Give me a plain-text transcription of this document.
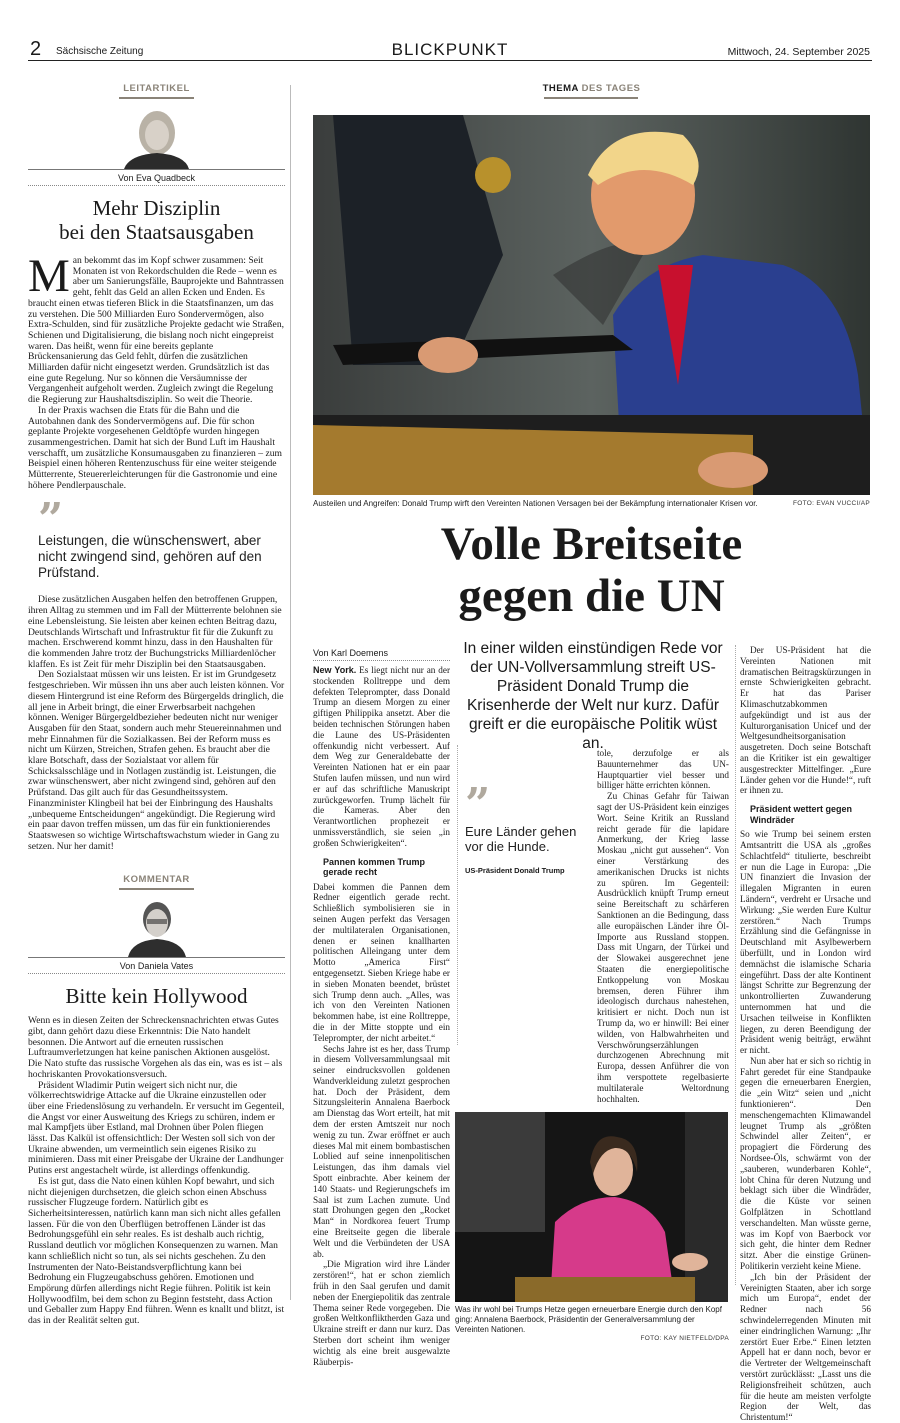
2 Sächsische Zeitung	BLICKPUNKT	Mittwoch, 24. September 2025
LEITARTIKEL
Von Eva Quadbeck
Mehr Disziplin
bei den Staatsausgaben

Man bekommt das im Kopf schwer zusammen: Seit Monaten ist von Rekordschulden die Rede – wenn es aber um Sanierungsfälle, Bauprojekte und Bahntrassen geht, fehlt das Geld an allen Ecken und Enden. Es braucht einen etwas tieferen Blick in die Staatsfinanzen, um das zu verstehen. Die 500 Milliarden Euro Sondervermögen, also Extra-Schulden, sind für zusätzliche Projekte gedacht wie Straßen, Schienen und Digitalisierung, die bislang noch nicht eingepreist waren. Das heißt, wenn für eine bereits geplante Brückensanierung das Geld fehlt, dürfen die zusätzlichen Milliarden dafür nicht eingesetzt werden. Grundsätzlich ist das eine gute Regelung. Nur so können die Versäumnisse der Vergangenheit aufgeholt werden. Zugleich zwingt die Regelung die Regierung zur Haushaltsdisziplin. So weit die Theorie.

In der Praxis wachsen die Etats für die Bahn und die Autobahnen dank des Sondervermögens auf. Die für schon geplante Projekte vorgesehenen Geldtöpfe wurden hingegen zusammengestrichen. Damit hat sich der Bund Luft im Haushalt verschafft, um zusätzliche Konsumausgaben zu finanzieren – zum Beispiel einen höheren Rentenzuschuss für eine weiter steigende Mütterrente, Steuererleichterungen für die Gastronomie und eine höhere Pendlerpauschale.

”
Leistungen, die wünschenswert, aber nicht zwingend sind, gehören auf den Prüfstand.

Diese zusätzlichen Ausgaben helfen den betroffenen Gruppen, ihren Alltag zu stemmen und im Fall der Mütterrente belohnen sie eine Lebensleistung. Sie leisten aber keinen echten Beitrag dazu, Deutschlands Wirtschaft und Infrastruktur fit für die Zukunft zu machen. Erschwerend kommt hinzu, dass in den Haushalten für die kommenden Jahre trotz der Buchungstricks Milliardenlöcher klaffen. Es ist Zeit für mehr Disziplin bei den Staatsausgaben.

Den Sozialstaat müssen wir uns leisten. Er ist im Grundgesetz festgeschrieben. Wir müssen ihn uns aber auch leisten können. Vor diesem Hintergrund ist eine Reform des Bürgergelds dringlich, die all jene in Arbeit bringt, die einer Erwerbsarbeit nachgehen können. Weniger Bürgergeldbezieher bedeuten nicht nur weniger Ausgaben für den Staat, sondern auch mehr Steuereinnahmen und mehr Einnahmen für die Sozialkassen. Bei der Reform muss es nicht um Kürzen, Streichen, Strafen gehen. Es braucht aber die klare Botschaft, dass der Sozialstaat vor allem für Schicksalsschläge und in Notlagen zuständig ist. Leistungen, die zwar wünschenswert, aber nicht zwingend sind, gehören auf den Prüfstand. Das gilt auch für das Gesundheitssystem. Finanzminister Klingbeil hat bei der Einbringung des Haushalts „unbequeme Entscheidungen“ angekündigt. Die Regierung wird ein paar davon treffen müssen, um das für ein funktionierendes Staatswesen so wichtige Wirtschaftswachstum wieder in Gang zu setzen. Nur her damit!

KOMMENTAR
Von Daniela Vates
Bitte kein Hollywood

Wenn es in diesen Zeiten der Schreckensnachrichten etwas Gutes gibt, dann gehört dazu diese Erkenntnis: Die Nato handelt besonnen. Die Antwort auf die erneuten russischen Luftraumverletzungen hat keine panischen Aktionen ausgelöst. Die Nato stufte das russische Vorgehen als das ein, was es ist – als hochriskanten Provokationsversuch.

Präsident Wladimir Putin weigert sich nicht nur, die völkerrechtswidrige Attacke auf die Ukraine einzustellen oder über eine Friedenslösung zu verhandeln. Er versucht im Gegenteil, die Angst vor einer Ausweitung des Kriegs zu schüren, indem er mal Kampfjets über Estland, mal Drohnen über Polen fliegen lässt. Das Kalkül ist offensichtlich: Der Westen soll sich von der Ukraine abwenden, um vermeintlich sein eigenes Risiko zu minimieren. Dass mit einer Preisgabe der Ukraine der Landhunger Putins erst angestachelt würde, ist allerdings offenkundig.

Es ist gut, dass die Nato einen kühlen Kopf bewahrt, und sich nicht diejenigen durchsetzen, die gleich schon einen Abschuss russischer Flugzeuge fordern. Natürlich gibt es Sicherheitsinteressen, natürlich kann man sich nicht alles gefallen lassen. Für die von den Überflügen betroffenen Länder ist das Bedrohungsgefühl ein sehr reales. Es ist deshalb auch richtig, Russland deutlich vor möglichen Konsequenzen zu warnen. Man kann schließlich nicht so tun, als sei nichts geschehen. Zu den Instrumenten der Nato-Beistandsverpflichtung kann bei Bedrohung ein Flugzeugabschuss gehören. Emotionen und Empörung dürfen allerdings nicht Regie führen. Politik ist kein Hollywoodfilm, bei dem schon zu Beginn feststeht, dass Action und Geballer zum Happy End führen. Wenn es knallt und blitzt, ist das in der Realität selten gut.

THEMA DES TAGES
Austeilen und Angreifen: Donald Trump wirft den Vereinten Nationen Versagen bei der Bekämpfung internationaler Krisen vor.	FOTO: EVAN VUCCI/AP
Volle Breitseite
gegen die UN
In einer wilden einstündigen Rede vor der UN-Vollversammlung streift US-Präsident Donald Trump die Krisenherde der Welt nur kurz. Dafür greift er die europäische Politik wüst an.
Von Karl Doemens

New York. Es liegt nicht nur an der stockenden Rolltreppe und dem defekten Teleprompter, dass Donald Trump an diesem Morgen zu einer giftigen Philippika ansetzt. Aber die beiden technischen Störungen haben die Laune des US-Präsidenten offenkundig nicht verbessert. Auf dem Weg zur Generaldebatte der Vereinten Nationen hat er ein paar Stufen laufen müssen, und nun wird er auf das schriftliche Manuskript zurückgeworfen. Trump lächelt für die Kameras. Aber den Verantwortlichen prophezeit er unmissverständlich, sie seien „in großen Schwierigkeiten“.

Pannen kommen Trump gerade recht

Dabei kommen die Pannen dem Redner eigentlich gerade recht. Schließlich symbolisieren sie in seinen Augen perfekt das Versagen der multilateralen Organisationen, denen er seinen knallharten politischen Alleingang unter dem Motto „America First“ entgegensetzt. Sieben Kriege habe er in sieben Monaten beendet, brüstet sich Trump denn auch. „Alles, was ich von den Vereinten Nationen bekommen habe, ist eine Rolltreppe, die in der Mitte stoppte und ein Teleprompter, der nicht arbeitet.“

Sechs Jahre ist es her, dass Trump in diesem Vollversammlungsaal mit seiner eindrucksvollen goldenen Wandverkleidung zuletzt gesprochen hat. Doch der Präsident, dem Sitzungsleiterin Annalena Baerbock am Dienstag das Wort erteilt, hat mit dem der ersten Amtszeit nur noch wenig zu tun. Zwar eröffnet er auch dieses Mal mit einem bombastischen Loblied auf seine innenpolitischen Leistungen, das ihm damals viel Spott einbrachte. Aber keinem der 140 Staats- und Regierungschefs im Saal ist zum Lachen zumute. Und statt Drohungen gegen den „Rocket Man“ in Nordkorea feuert Trump eine Breitseite gegen die liberale Welt und die Verbündeten der USA ab.

„Die Migration wird ihre Länder zerstören!“, hat er schon ziemlich früh in den Saal gerufen und damit neben der Energiepolitik das zentrale Thema seiner Rede vorgegeben. Die großen Weltkonfliktherden Gaza und Ukraine streift er dann nur kurz. Das Sterben dort scheint ihm weniger wichtig als eine breit ausgewalzte Räuberpis-

”
Eure Länder gehen vor die Hunde.
US-Präsident Donald Trump

tole, derzufolge er als Bauunternehmer das UN-Hauptquartier viel besser und billiger hätte errichten können.

Zu Chinas Gefahr für Taiwan sagt der US-Präsident kein einziges Wort. Seine Kritik an Russland reicht gerade für die lapidare Anmerkung, der Krieg lasse Moskau „nicht gut aussehen“. Von einer Verstärkung des amerikanischen Drucks ist nichts zu spüren. Im Gegenteil: Ausdrücklich knüpft Trump erneut seine Bereitschaft zu schärferen Sanktionen an die Bedingung, dass alle europäischen Länder ihre Öl-Importe aus Russland stoppen. Dass mit Ungarn, der Türkei und der Slowakei ausgerechnet jene Staaten die energiepolitische Entkoppelung von Moskau bremsen, deren Führer ihm ideologisch durchaus nahestehen, kritisiert er nicht. Doch nun ist Trump da, wo er hinwill: Bei einer wilden, von Halbwahrheiten und Verschwörungserzählungen durchzogenen Abrechnung mit Europa, dessen Anführer die von ihm verspottete regelbasierte multilaterale Weltordnung hochhalten.

Was ihr wohl bei Trumps Hetze gegen erneuerbare Energie durch den Kopf ging: Annalena Baerbock, Präsidentin der Generalversammlung der Vereinten Nationen.
FOTO: KAY NIETFELD/DPA

Der US-Präsident hat die Vereinten Nationen mit dramatischen Beitragskürzungen in ernste Schwierigkeiten gebracht. Er hat das Pariser Klimaschutzabkommen aufgekündigt und ist aus der Kulturorganisation Unicef und der Weltgesundheitsorganisation ausgetreten. Doch seine Botschaft an die Kritiker ist ein gewaltiger ausgestreckter Mittelfinger. „Eure Länder gehen vor die Hunde!“, ruft er ihnen zu.

Präsident wettert gegen Windräder

So wie Trump bei seinem ersten Amtsantritt die USA als „großes Schlachtfeld“ titulierte, beschreibt er nun die Lage in Europa: „Die UN finanziert die Invasion der illegalen Migranten in euren Ländern“, verdreht er Ursache und Wirkung: „Sie werden Eure Kultur zerstören.“ Nach Trumps Erzählung sind die Gefängnisse in Deutschland mit Asylbewerbern überfüllt, und in London wird demnächst die islamische Scharia eingeführt. Dass der alte Kontinent längst Schritte zur Begrenzung der unkontrollierten Zuwanderung unternommen hat und die Ursachen teilweise in Konflikten liegen, zu deren Beendigung der Präsident wenig beiträgt, erwähnt er nicht.

Nun aber hat er sich so richtig in Fahrt geredet für eine Standpauke gegen die erneuerbaren Energien, die „ein Witz“ seien und „nicht funktionieren“. Den menschengemachten Klimawandel leugnet Trump als „größten Schwindel aller Zeiten“, er propagiert die Förderung des Nordsee-Öls, schwärmt von der „sauberen, wunderbaren Kohle“, lobt China für deren Nutzung und beklagt sich über die Windräder, die die Küste vor seinen Golfplätzen in Schottland verschandelten. Man wüsste gerne, was im Kopf von Baerbock vor sich geht, die hinter dem Redner sitzt. Aber die einstige Grünen-Politikerin verzieht keine Miene.

„Ich bin der Präsident der Vereinigten Staaten, aber ich sorge mich um Europa“, endet der Redner nach 56 schwindelerregenden Minuten mit einer eindringlichen Warnung: „Ihr zerstört Euer Erbe.“ Einen letzten Appell hat er dann noch, bevor er die Vertreter der Weltgemeinschaft verstört zurücklässt: „Lasst uns die Religionsfreiheit schützen, auch für die heute am meisten verfolgte Region der Welt, das Christentum!“
